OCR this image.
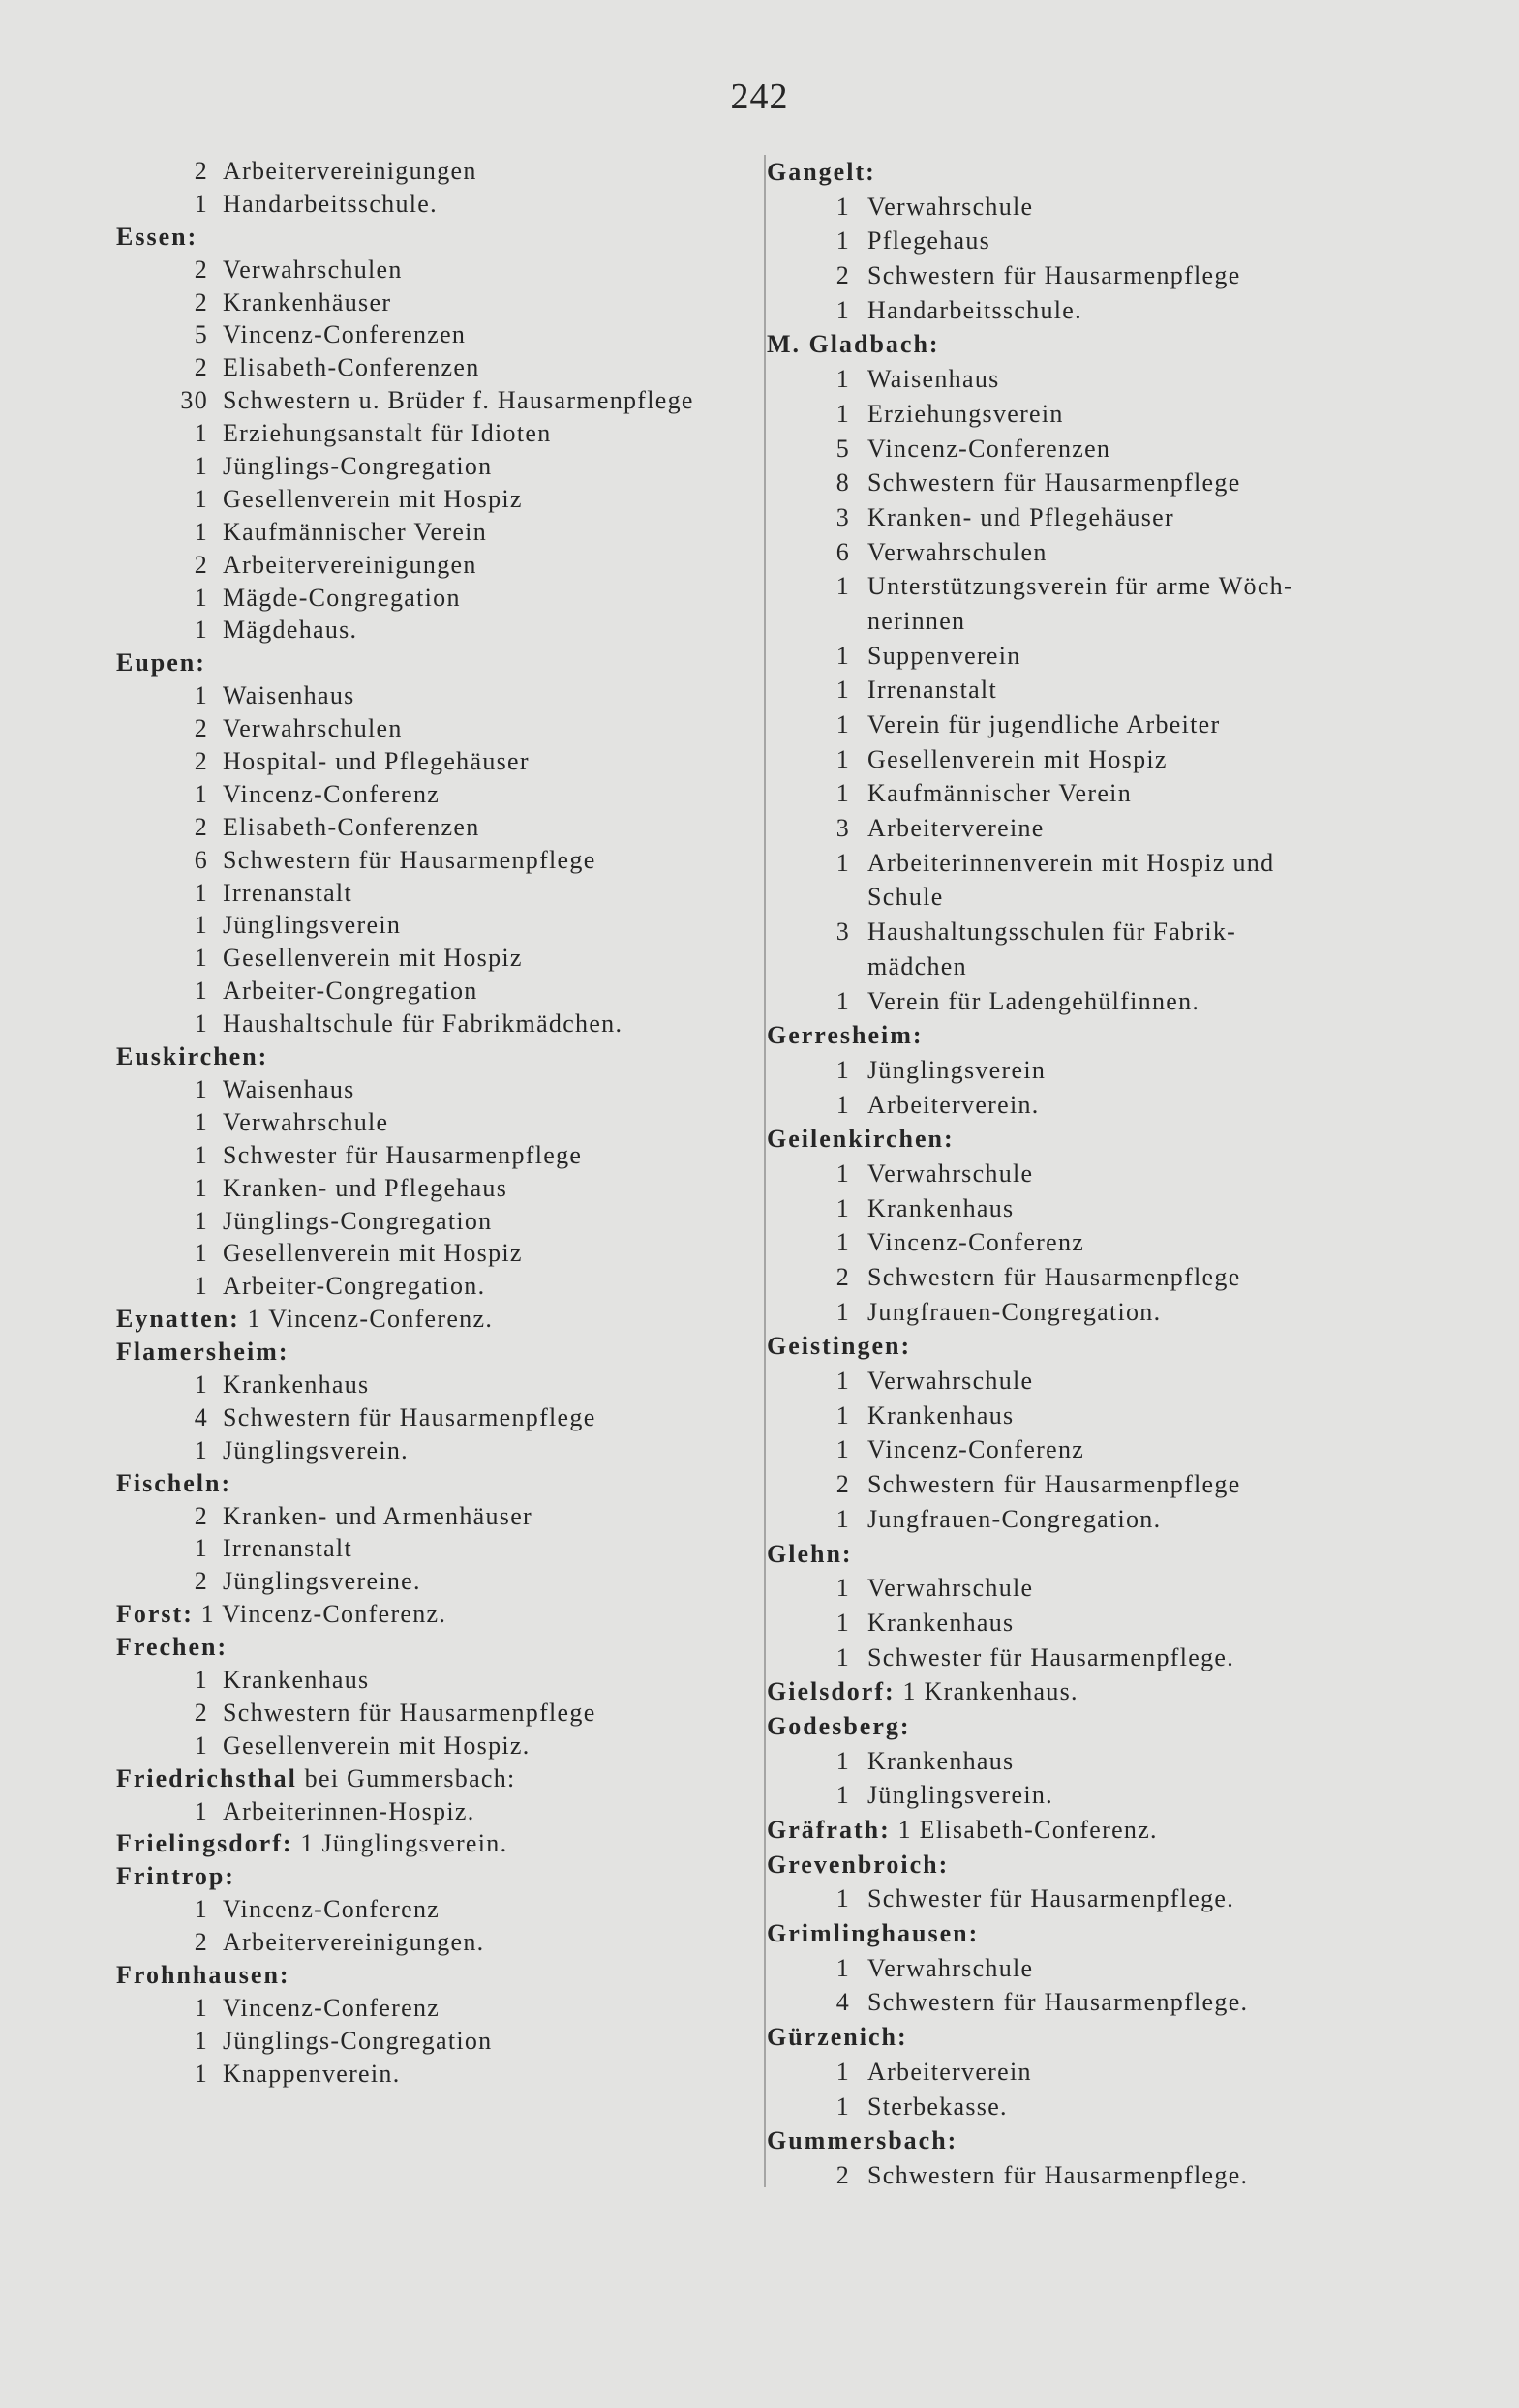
242
2 Arbeitervereinigungen
1 Handarbeitsschule.
Essen:
2 Verwahrschulen
2 Krankenhäuser
5 Vincenz-Conferenzen
2 Elisabeth-Conferenzen
30 Schwestern u. Brüder f. Hausarmenpflege
1 Erziehungsanstalt für Idioten
1 Jünglings-Congregation
1 Gesellenverein mit Hospiz
1 Kaufmännischer Verein
2 Arbeitervereinigungen
1 Mägde-Congregation
1 Mägdehaus.
Eupen:
1 Waisenhaus
2 Verwahrschulen
2 Hospital- und Pflegehäuser
1 Vincenz-Conferenz
2 Elisabeth-Conferenzen
6 Schwestern für Hausarmenpflege
1 Irrenanstalt
1 Jünglingsverein
1 Gesellenverein mit Hospiz
1 Arbeiter-Congregation
1 Haushaltschule für Fabrikmädchen.
Euskirchen:
1 Waisenhaus
1 Verwahrschule
1 Schwester für Hausarmenpflege
1 Kranken- und Pflegehaus
1 Jünglings-Congregation
1 Gesellenverein mit Hospiz
1 Arbeiter-Congregation.
Eynatten: 1 Vincenz-Conferenz.
Flamersheim:
1 Krankenhaus
4 Schwestern für Hausarmenpflege
1 Jünglingsverein.
Fischeln:
2 Kranken- und Armenhäuser
1 Irrenanstalt
2 Jünglingsvereine.
Forst: 1 Vincenz-Conferenz.
Frechen:
1 Krankenhaus
2 Schwestern für Hausarmenpflege
1 Gesellenverein mit Hospiz.
Friedrichsthal bei Gummersbach:
1 Arbeiterinnen-Hospiz.
Frielingsdorf: 1 Jünglingsverein.
Frintrop:
1 Vincenz-Conferenz
2 Arbeitervereinigungen.
Frohnhausen:
1 Vincenz-Conferenz
1 Jünglings-Congregation
1 Knappenverein.
Gangelt:
1 Verwahrschule
1 Pflegehaus
2 Schwestern für Hausarmenpflege
1 Handarbeitsschule.
M. Gladbach:
1 Waisenhaus
1 Erziehungsverein
5 Vincenz-Conferenzen
8 Schwestern für Hausarmenpflege
3 Kranken- und Pflegehäuser
6 Verwahrschulen
1 Unterstützungsverein für arme Wöch-
nerinnen
1 Suppenverein
1 Irrenanstalt
1 Verein für jugendliche Arbeiter
1 Gesellenverein mit Hospiz
1 Kaufmännischer Verein
3 Arbeitervereine
1 Arbeiterinnenverein mit Hospiz und
Schule
3 Haushaltungsschulen für Fabrik-
mädchen
1 Verein für Ladengehülfinnen.
Gerresheim:
1 Jünglingsverein
1 Arbeiterverein.
Geilenkirchen:
1 Verwahrschule
1 Krankenhaus
1 Vincenz-Conferenz
2 Schwestern für Hausarmenpflege
1 Jungfrauen-Congregation.
Geistingen:
1 Verwahrschule
1 Krankenhaus
1 Vincenz-Conferenz
2 Schwestern für Hausarmenpflege
1 Jungfrauen-Congregation.
Glehn:
1 Verwahrschule
1 Krankenhaus
1 Schwester für Hausarmenpflege.
Gielsdorf: 1 Krankenhaus.
Godesberg:
1 Krankenhaus
1 Jünglingsverein.
Gräfrath: 1 Elisabeth-Conferenz.
Grevenbroich:
1 Schwester für Hausarmenpflege.
Grimlinghausen:
1 Verwahrschule
4 Schwestern für Hausarmenpflege.
Gürzenich:
1 Arbeiterverein
1 Sterbekasse.
Gummersbach:
2 Schwestern für Hausarmenpflege.
